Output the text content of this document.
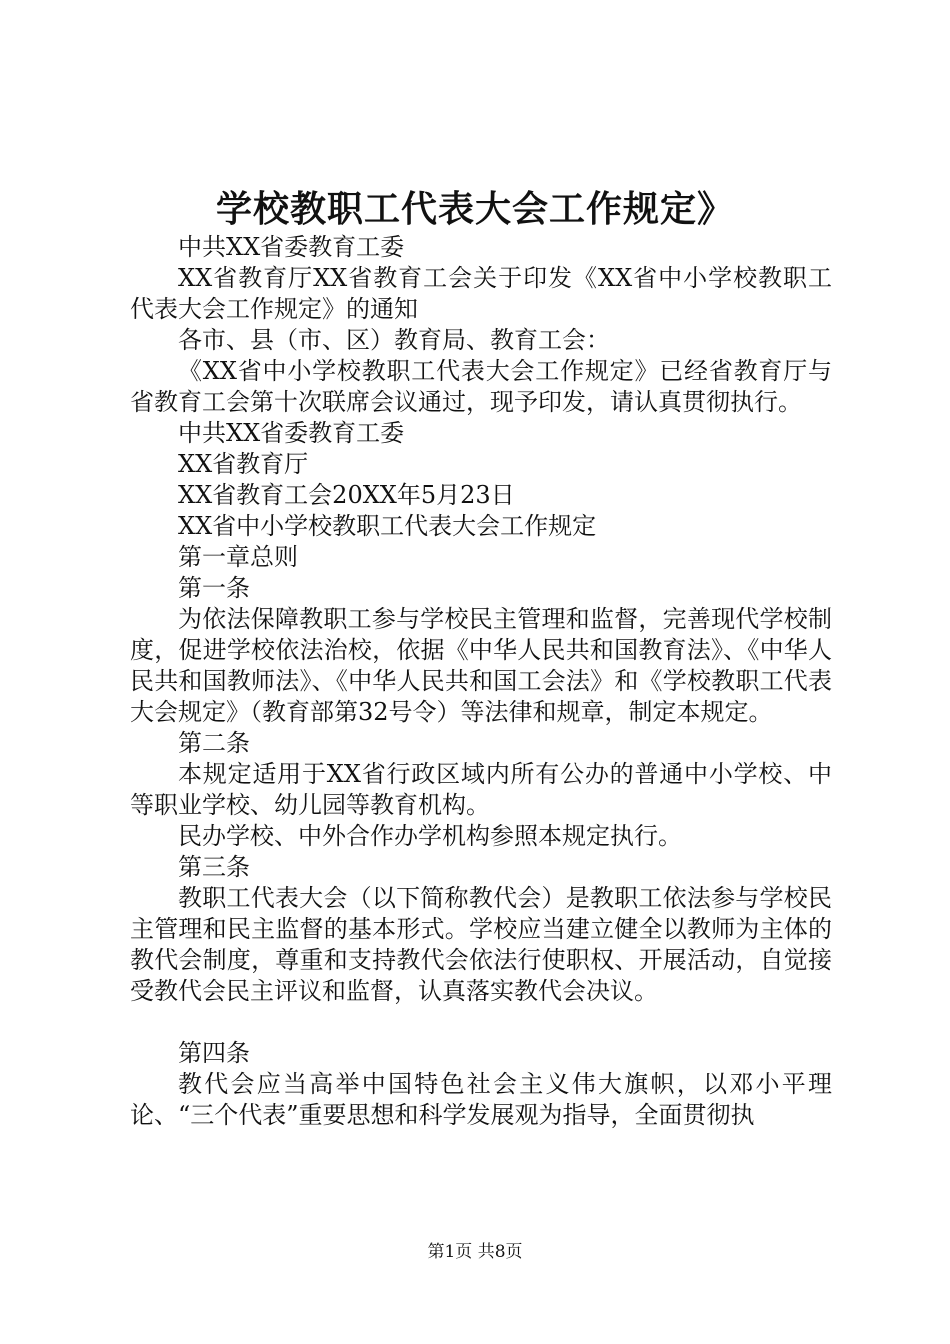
学校教职工代表大会工作规定》

中共XX省委教育工委

XX省教育厅XX省教育工会关于印发《XX省中小学校教职工代表大会工作规定》的通知

各市、县（市、区）教育局、教育工会：

《XX省中小学校教职工代表大会工作规定》已经省教育厅与省教育工会第十次联席会议通过，现予印发，请认真贯彻执行。

中共XX省委教育工委

XX省教育厅

XX省教育工会20XX年5月23日

XX省中小学校教职工代表大会工作规定

第一章总则

第一条

为依法保障教职工参与学校民主管理和监督，完善现代学校制度，促进学校依法治校，依据《中华人民共和国教育法》、《中华人民共和国教师法》、《中华人民共和国工会法》和《学校教职工代表大会规定》（教育部第32号令）等法律和规章，制定本规定。

第二条

本规定适用于XX省行政区域内所有公办的普通中小学校、中等职业学校、幼儿园等教育机构。

民办学校、中外合作办学机构参照本规定执行。

第三条

教职工代表大会（以下简称教代会）是教职工依法参与学校民主管理和民主监督的基本形式。学校应当建立健全以教师为主体的教代会制度，尊重和支持教代会依法行使职权、开展活动，自觉接受教代会民主评议和监督，认真落实教代会决议。

第四条

教代会应当高举中国特色社会主义伟大旗帜，以邓小平理论、“三个代表”重要思想和科学发展观为指导，全面贯彻执

第1页 共8页
